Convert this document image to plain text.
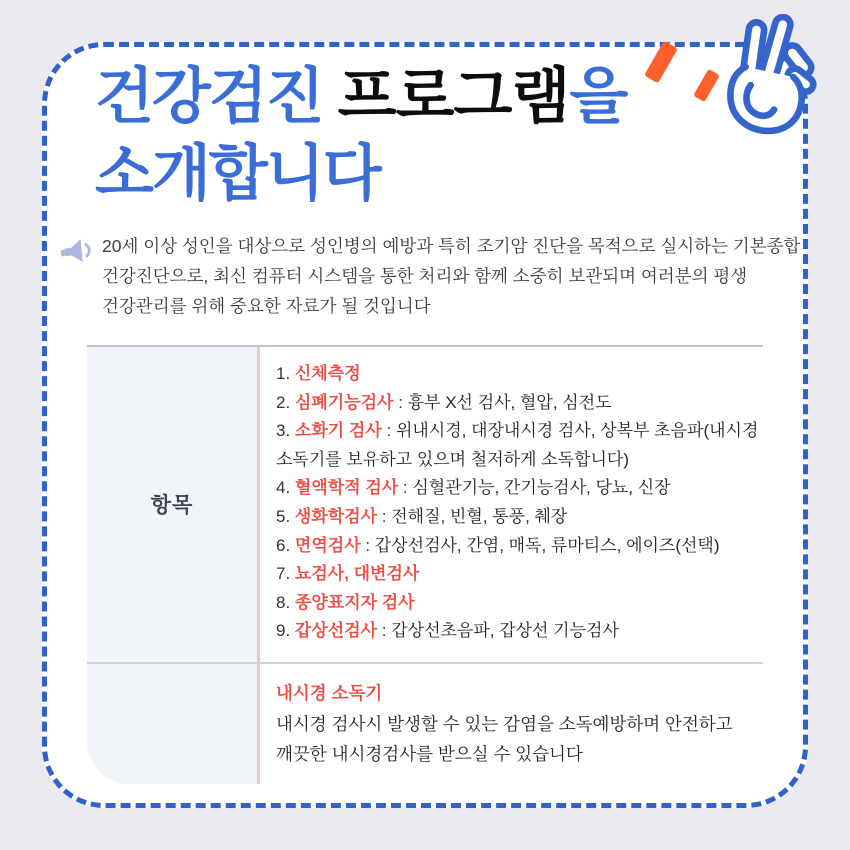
건강검진 프로그램을
소개합니다
20세 이상 성인을 대상으로 성인병의 예방과 특히 조기암 진단을 목적으로 실시하는 기본종합 건강진단으로, 최신 컴퓨터 시스템을 통한 처리와 함께 소중히 보관되며 여러분의 평생 건강관리를 위해 중요한 자료가 될 것입니다
항목
1. 신체측정
2. 심폐기능검사 : 흉부 X선 검사, 혈압, 심전도
3. 소화기 검사 : 위내시경, 대장내시경 검사, 상복부 초음파(내시경 소독기를 보유하고 있으며 철저하게 소독합니다)
4. 혈액학적 검사 : 심혈관기능, 간기능검사, 당뇨, 신장
5. 생화학검사 : 전해질, 빈혈, 통풍, 췌장
6. 면역검사 : 갑상선검사, 간염, 매독, 류마티스, 에이즈(선택)
7. 뇨검사, 대변검사
8. 종양표지자 검사
9. 갑상선검사 : 갑상선초음파, 갑상선 기능검사
내시경 소독기
내시경 검사시 발생할 수 있는 감염을 소독예방하며 안전하고 깨끗한 내시경검사를 받으실 수 있습니다
